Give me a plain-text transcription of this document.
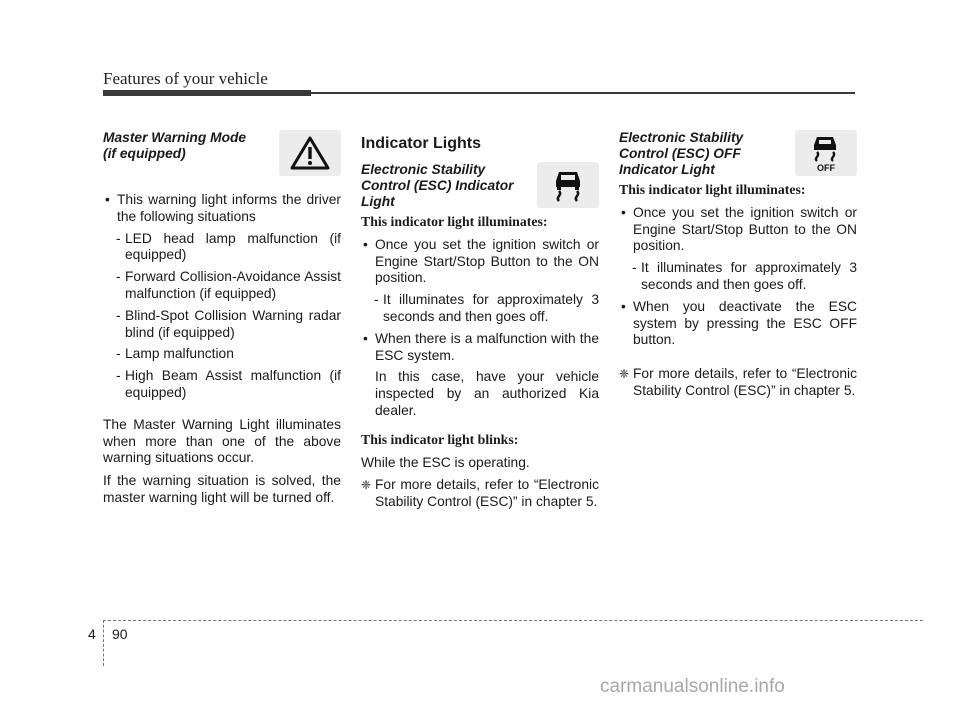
Features of your vehicle

Master Warning Mode
(if equipped)

• This warning light informs the driver the following situations

- LED head lamp malfunction (if equipped)

- Forward Collision-Avoidance Assist malfunction (if equipped)

- Blind-Spot Collision Warning radar blind (if equipped)

- Lamp malfunction

- High Beam Assist malfunction (if equipped)

The Master Warning Light illuminates when more than one of the above warning situations occur.

If the warning situation is solved, the master warning light will be turned off.

Indicator Lights

Electronic Stability
Control (ESC) Indicator
Light

This indicator light illuminates:

• Once you set the ignition switch or Engine Start/Stop Button to the ON position.

- It illuminates for approximately 3 seconds and then goes off.

• When there is a malfunction with the ESC system.

In this case, have your vehicle inspected by an authorized Kia dealer.

This indicator light blinks:

While the ESC is operating.

❈ For more details, refer to “Electronic Stability Control (ESC)” in chapter 5.

Electronic Stability
Control (ESC) OFF
Indicator Light	OFF

This indicator light illuminates:

• Once you set the ignition switch or Engine Start/Stop Button to the ON position.

- It illuminates for approximately 3 seconds and then goes off.

• When you deactivate the ESC system by pressing the ESC OFF button.

❈ For more details, refer to “Electronic Stability Control (ESC)” in chapter 5.

4 90
carmanualsonline.info
